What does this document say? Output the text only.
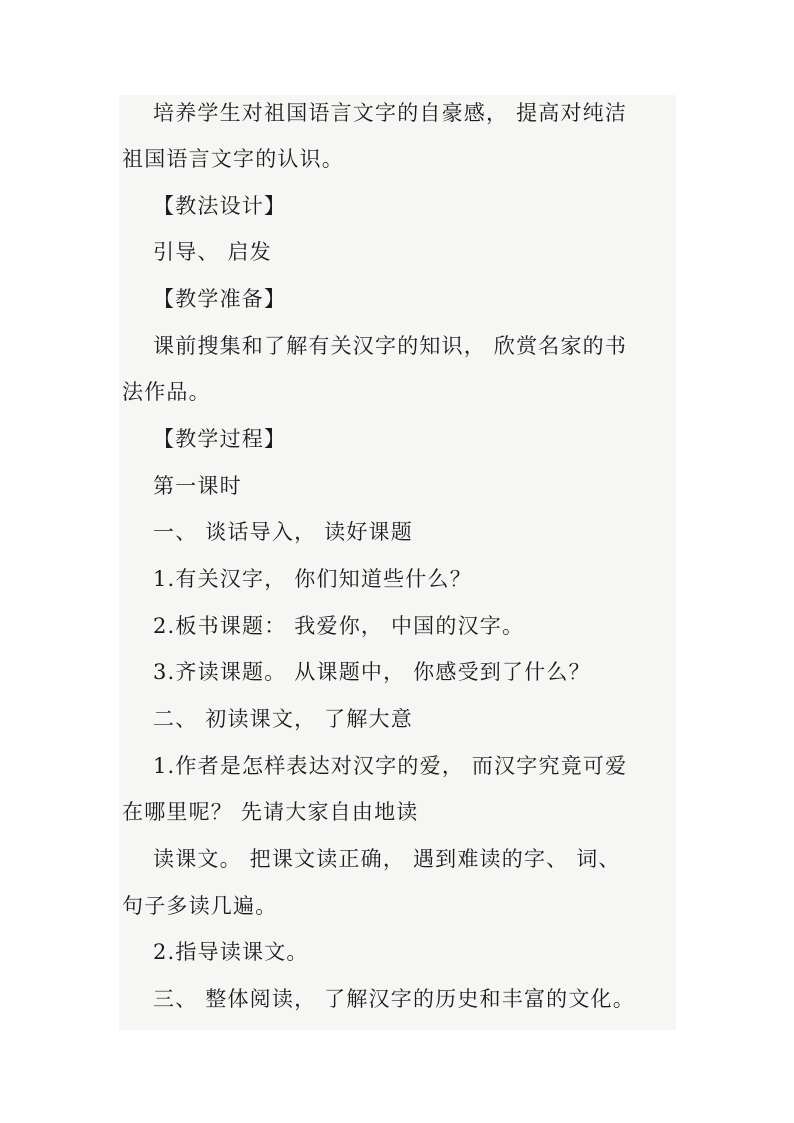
培养学生对祖国语言文字的自豪感， 提高对纯洁
祖国语言文字的认识。
【教法设计】
引导、 启发
【教学准备】
课前搜集和了解有关汉字的知识， 欣赏名家的书
法作品。
【教学过程】
第一课时
一、 谈话导入， 读好课题
1.有关汉字， 你们知道些什么？
2.板书课题： 我爱你， 中国的汉字。
3.齐读课题。 从课题中， 你感受到了什么？
二、 初读课文， 了解大意
1.作者是怎样表达对汉字的爱， 而汉字究竟可爱
在哪里呢？ 先请大家自由地读
读课文。 把课文读正确， 遇到难读的字、 词、
句子多读几遍。
2.指导读课文。
三、 整体阅读， 了解汉字的历史和丰富的文化。
